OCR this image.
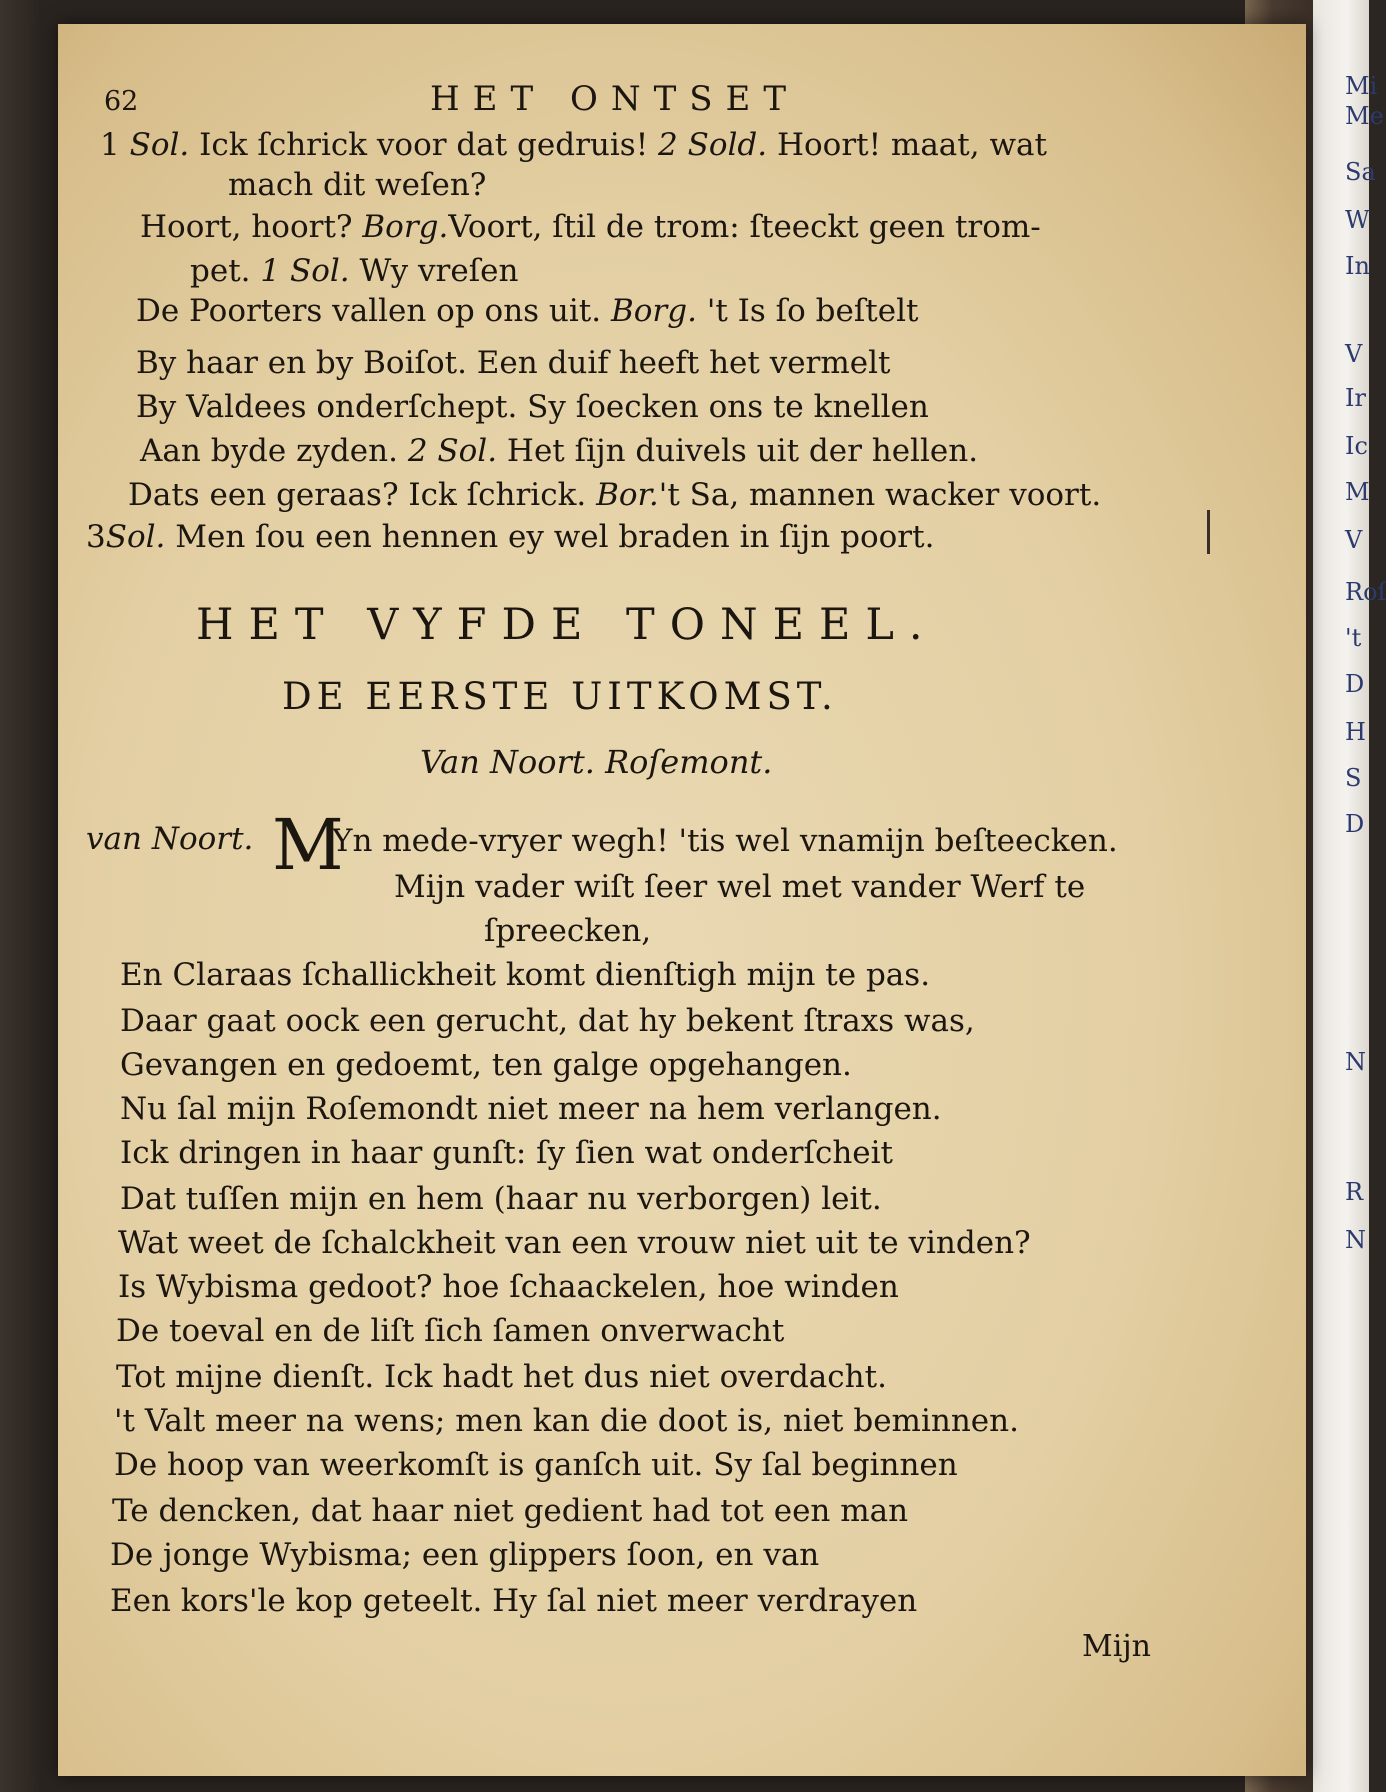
Mi
Me
Sa
W
In
V
Ir
Ic
M
V
Roſ
't
D
H
S
D
N
R
N
62	HET ONTSET
1 Sol. Ick ſchrick voor dat gedruis! 2 Sold. Hoort! maat, wat
mach dit weſen?
Hoort, hoort? Borg.Voort, ſtil de trom: ſteeckt geen trom-
pet. 1 Sol. Wy vreſen
De Poorters vallen op ons uit. Borg. 't Is ſo beſtelt
By haar en by Boiſot. Een duif heeft het vermelt
By Valdees onderſchept. Sy ſoecken ons te knellen
Aan byde zyden. 2 Sol. Het ſijn duivels uit der hellen.
Dats een geraas? Ick ſchrick. Bor.'t Sa, mannen wacker voort.
3Sol. Men ſou een hennen ey wel braden in ſijn poort.
HET VYFDE TONEEL.
DE EERSTE UITKOMST.
Van Noort. Roſemont.
van Noort. M
Yn mede-vryer wegh! 'tis wel vnamijn beſteecken.
Mijn vader wiſt ſeer wel met vander Werf te
ſpreecken,
En Claraas ſchallickheit komt dienſtigh mijn te pas.
Daar gaat oock een gerucht, dat hy bekent ſtraxs was,
Gevangen en gedoemt, ten galge opgehangen.
Nu ſal mijn Roſemondt niet meer na hem verlangen.
Ick dringen in haar gunſt: ſy ſien wat onderſcheit
Dat tuſſen mijn en hem (haar nu verborgen) leit.
Wat weet de ſchalckheit van een vrouw niet uit te vinden?
Is Wybisma gedoot? hoe ſchaackelen, hoe winden
De toeval en de liſt ſich ſamen onverwacht
Tot mijne dienſt. Ick hadt het dus niet overdacht.
't Valt meer na wens; men kan die doot is, niet beminnen.
De hoop van weerkomſt is ganſch uit. Sy ſal beginnen
Te dencken, dat haar niet gedient had tot een man
De jonge Wybisma; een glippers ſoon, en van
Een kors'le kop geteelt. Hy ſal niet meer verdrayen
Mijn
